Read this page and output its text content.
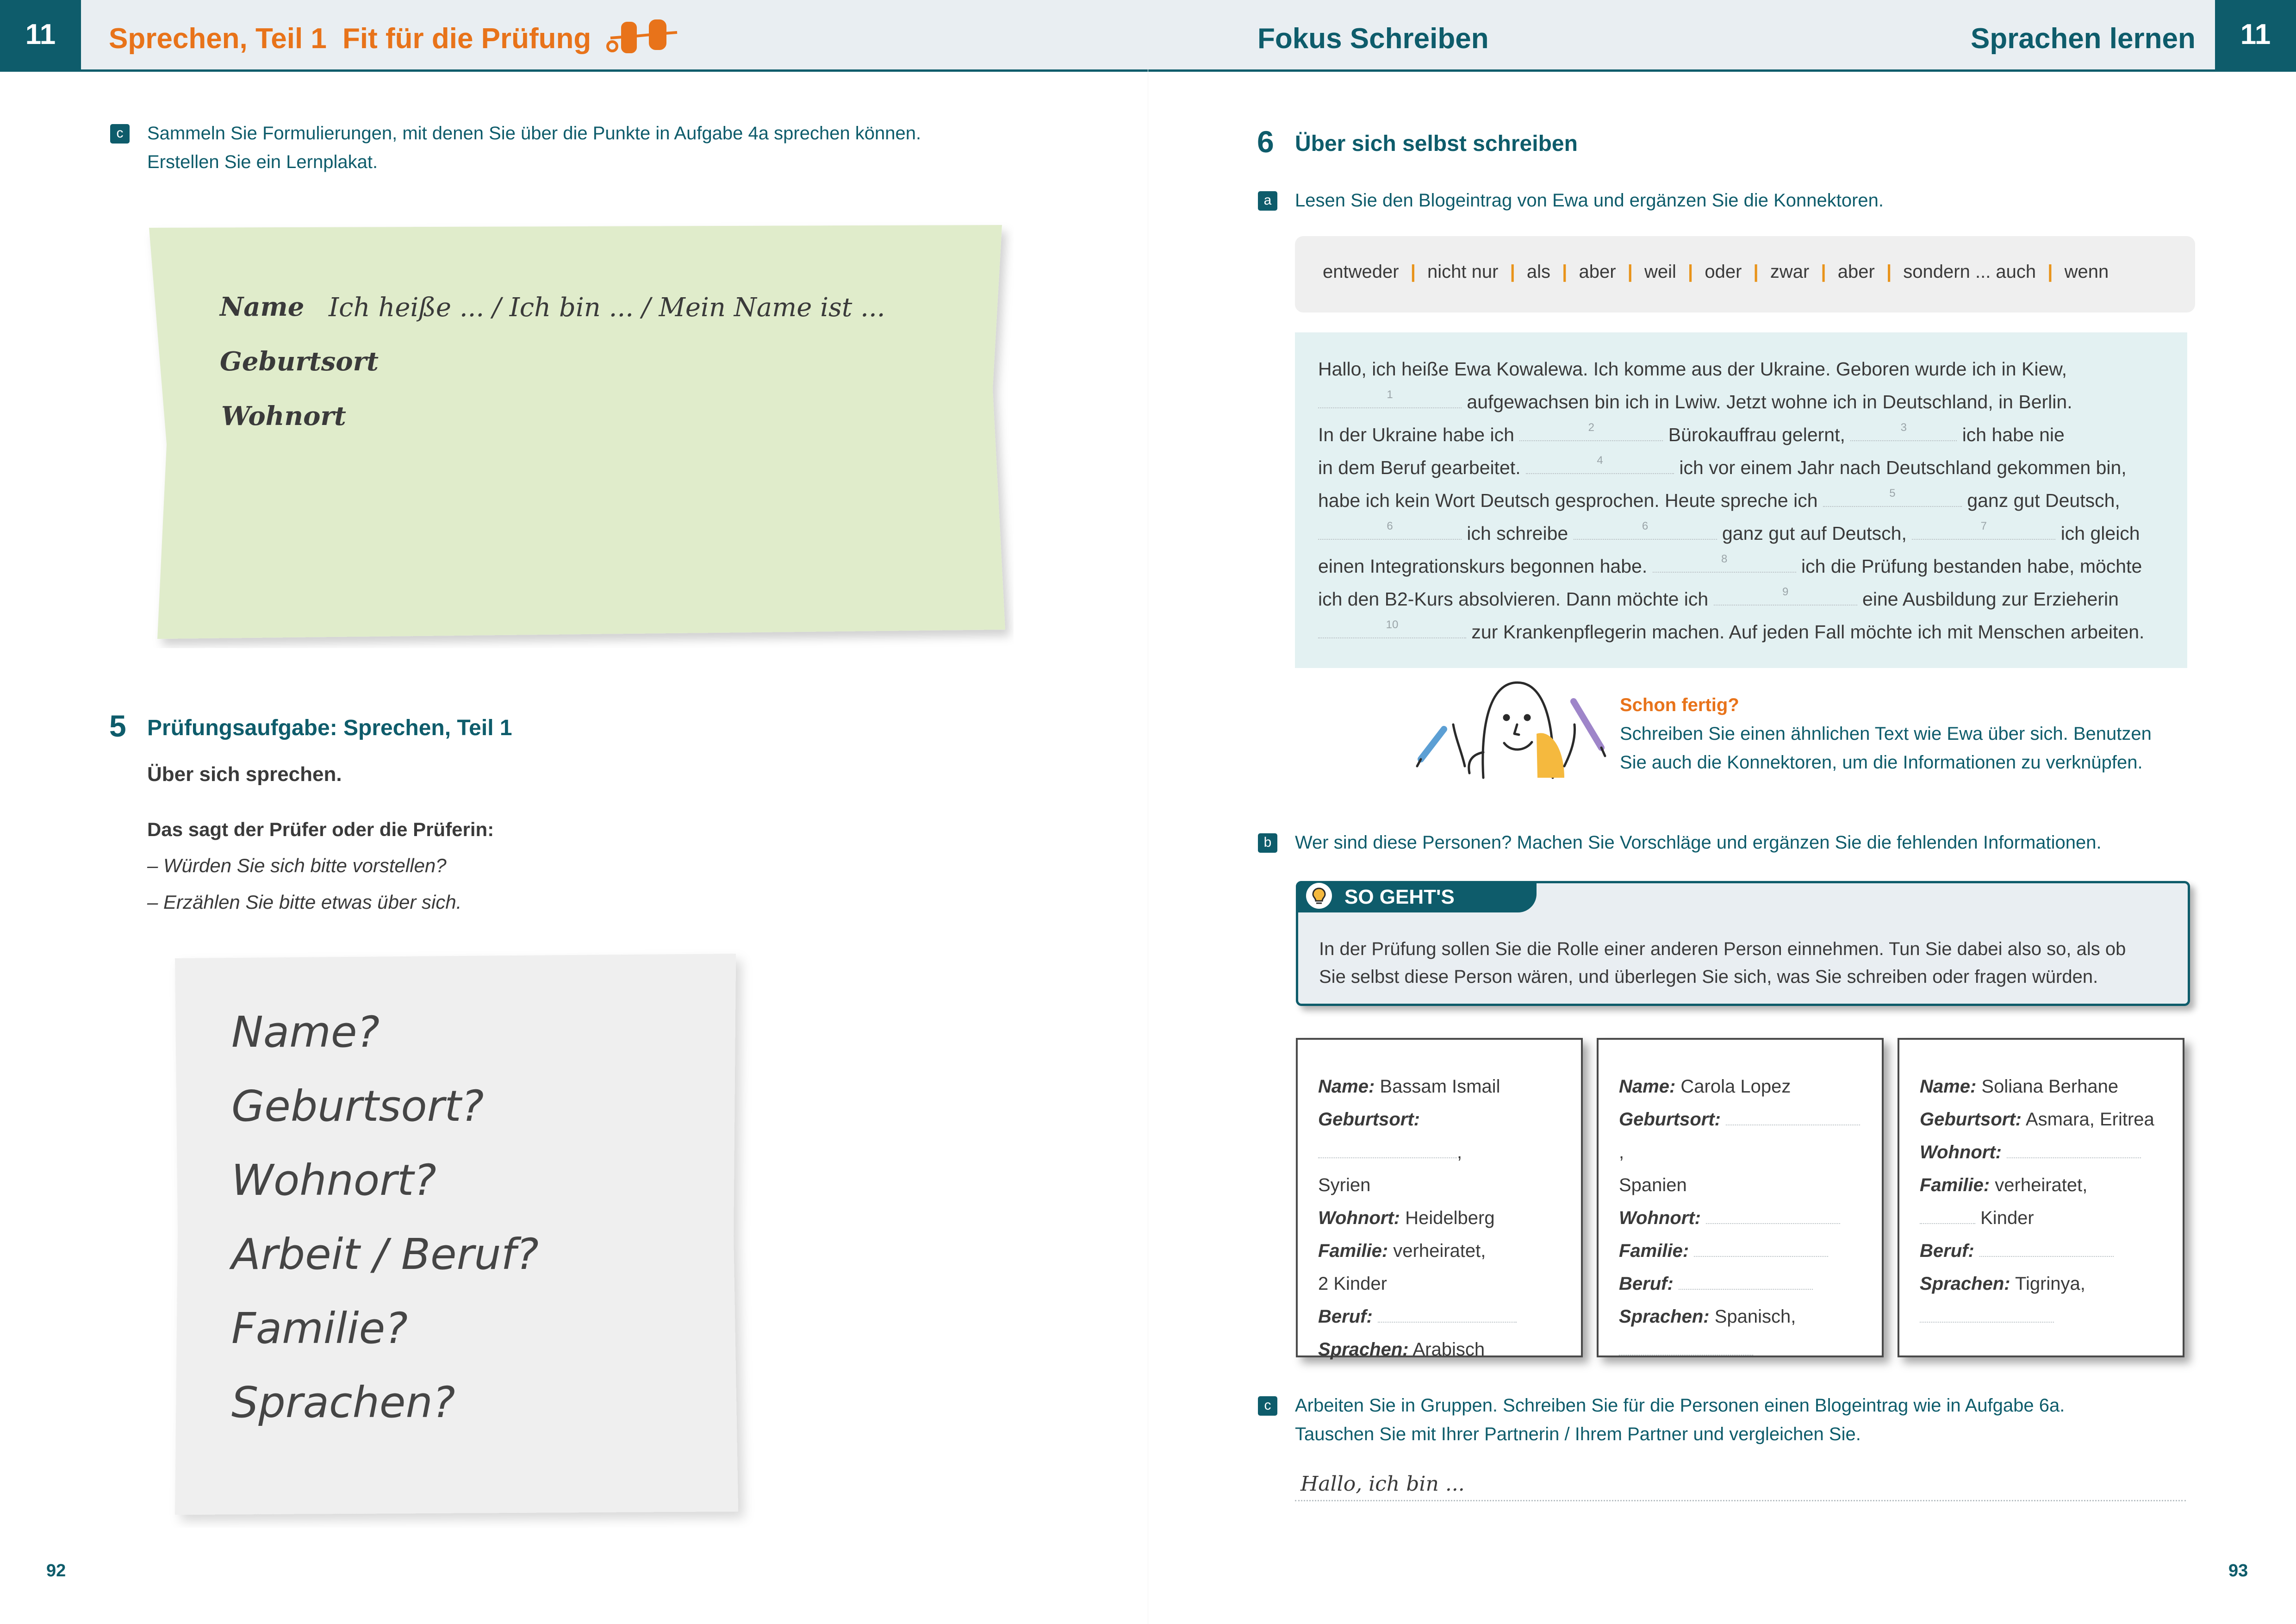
11	Sprechen, Teil 1 Fit für die Prüfung	Fokus Schreiben	Sprachen lernen	11
c	Sammeln Sie Formulierungen, mit denen Sie über die Punkte in Aufgabe 4a sprechen können.
Erstellen Sie ein Lernplakat.
Name Ich heiße ... / Ich bin ... / Mein Name ist ...
Geburtsort
Wohnort
5 Prüfungsaufgabe: Sprechen, Teil 1
Über sich sprechen.
Das sagt der Prüfer oder die Prüferin:
– Würden Sie sich bitte vorstellen?
– Erzählen Sie bitte etwas über sich.
Name?
Geburtsort?
Wohnort?
Arbeit / Beruf?
Familie?
Sprachen?
92
6 Über sich selbst schreiben
a	Lesen Sie den Blogeintrag von Ewa und ergänzen Sie die Konnektoren.
entweder | nicht nur | als | aber | weil | oder | zwar | aber | sondern ... auch | wenn
Hallo, ich heiße Ewa Kowalewa. Ich komme aus der Ukraine. Geboren wurde ich in Kiew,
1	aufgewachsen bin ich in Lwiw. Jetzt wohne ich in Deutschland, in Berlin.
In der Ukraine habe ich	2	Bürokauffrau gelernt,	3	ich habe nie
in dem Beruf gearbeitet.	4	ich vor einem Jahr nach Deutschland gekommen bin,
habe ich kein Wort Deutsch gesprochen. Heute spreche ich	5	ganz gut Deutsch,
6	ich schreibe	6	ganz gut auf Deutsch,	7	ich gleich
einen Integrationskurs begonnen habe.	8	ich die Prüfung bestanden habe, möchte
ich den B2-Kurs absolvieren. Dann möchte ich	9	eine Ausbildung zur Erzieherin
10	zur Krankenpflegerin machen. Auf jeden Fall möchte ich mit Menschen arbeiten.
Schon fertig?
Schreiben Sie einen ähnlichen Text wie Ewa über sich. Benutzen
Sie auch die Konnektoren, um die Informationen zu verknüpfen.
b	Wer sind diese Personen? Machen Sie Vorschläge und ergänzen Sie die fehlenden Informationen.
SO GEHT'S
In der Prüfung sollen Sie die Rolle einer anderen Person einnehmen. Tun Sie dabei also so, als ob
Sie selbst diese Person wären, und überlegen Sie sich, was Sie schreiben oder fragen würden.
Name: Bassam Ismail
Geburtsort: ,
Syrien
Wohnort: Heidelberg
Familie: verheiratet,
2 Kinder
Beruf:
Sprachen: Arabisch
Name: Carola Lopez
Geburtsort: ,
Spanien
Wohnort:
Familie:
Beruf:
Sprachen: Spanisch,
Name: Soliana Berhane
Geburtsort: Asmara, Eritrea
Wohnort:
Familie: verheiratet,
Kinder
Beruf:
Sprachen: Tigrinya,
c	Arbeiten Sie in Gruppen. Schreiben Sie für die Personen einen Blogeintrag wie in Aufgabe 6a.
Tauschen Sie mit Ihrer Partnerin / Ihrem Partner und vergleichen Sie.
Hallo, ich bin ...
93
